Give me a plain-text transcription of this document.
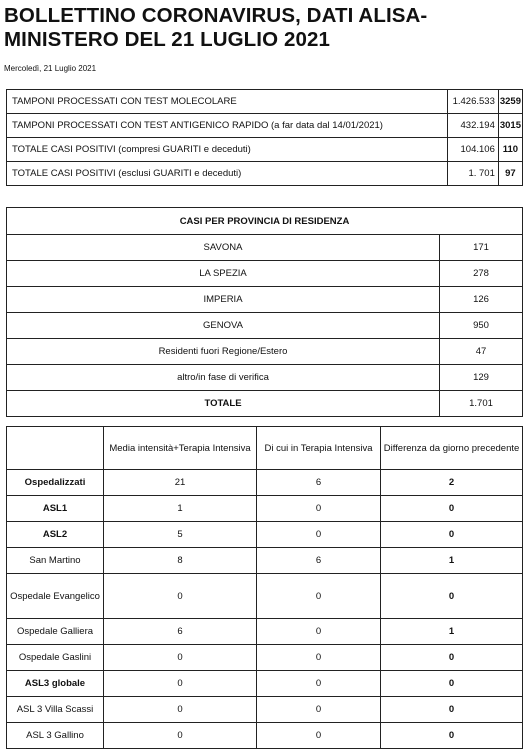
BOLLETTINO CORONAVIRUS, DATI ALISA-MINISTERO DEL 21 LUGLIO 2021
Mercoledì, 21 Luglio 2021
TAMPONI PROCESSATI CON TEST MOLECOLARE	1.426.533	3259
TAMPONI PROCESSATI CON TEST ANTIGENICO RAPIDO (a far data dal 14/01/2021)	432.194	3015
TOTALE CASI POSITIVI (compresi GUARITI e deceduti)	104.106	110
TOTALE CASI POSITIVI (esclusi GUARITI e deceduti)	1. 701	97
CASI PER PROVINCIA DI RESIDENZA	
SAVONA	171
LA SPEZIA	278
IMPERIA	126
GENOVA	950
Residenti fuori Regione/Estero	47
altro/in fase di verifica	129
TOTALE	1.701
	Media intensità+Terapia Intensiva	Di cui in Terapia Intensiva	Differenza da giorno precedente
Ospedalizzati	21	6	2
ASL1	1	0	0
ASL2	5	0	0
San Martino	8	6	1
Ospedale Evangelico	0	0	0
Ospedale Galliera	6	0	1
Ospedale Gaslini	0	0	0
ASL3 globale	0	0	0
ASL 3 Villa Scassi	0	0	0
ASL 3 Gallino	0	0	0
